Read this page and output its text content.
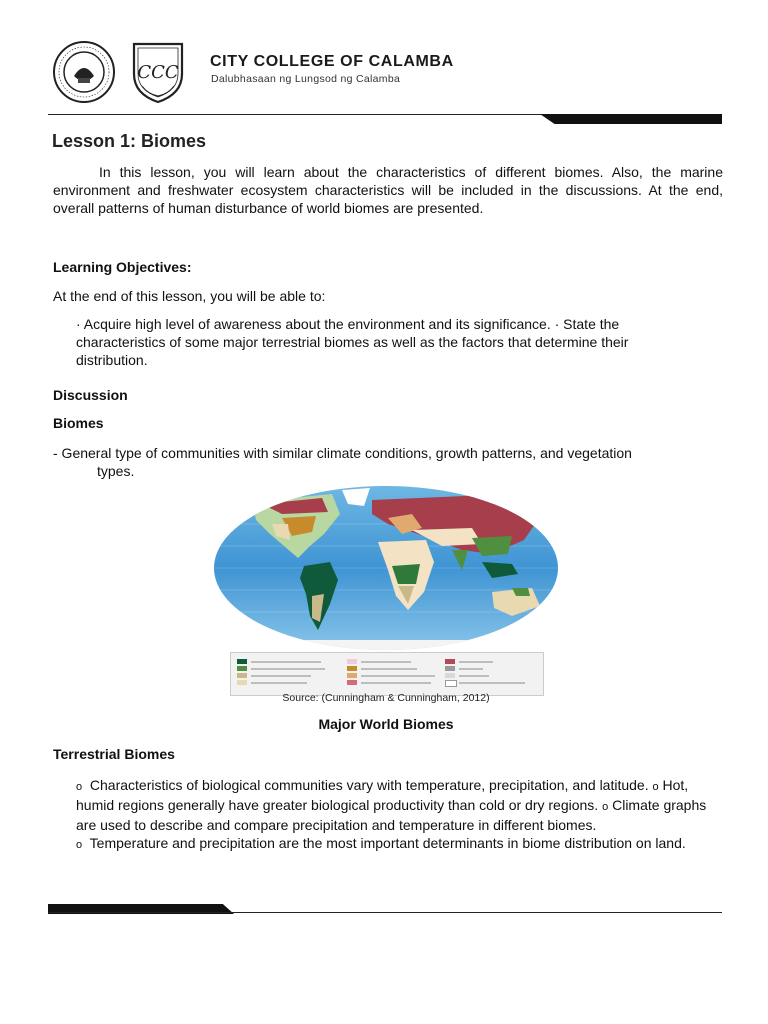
CCC
CITY COLLEGE OF CALAMBA
Dalubhasaan ng Lungsod ng Calamba
Lesson 1: Biomes
In this lesson, you will learn about the characteristics of different biomes. Also, the marine environment and freshwater ecosystem characteristics will be included in the discussions. At the end, overall patterns of human disturbance of world biomes are presented.
Learning Objectives:
At the end of this lesson, you will be able to:
· Acquire high level of awareness about the environment and its significance. · State the characteristics of some major terrestrial biomes as well as the factors that determine their distribution.
Discussion
Biomes
- General type of communities with similar climate conditions, growth patterns, and vegetation
types.
Source: (Cunningham & Cunningham, 2012)
Major World Biomes
Terrestrial Biomes
o Characteristics of biological communities vary with temperature, precipitation, and latitude. o Hot, humid regions generally have greater biological productivity than cold or dry regions. o Climate graphs are used to describe and compare precipitation and temperature in different biomes.
o Temperature and precipitation are the most important determinants in biome distribution on land.
